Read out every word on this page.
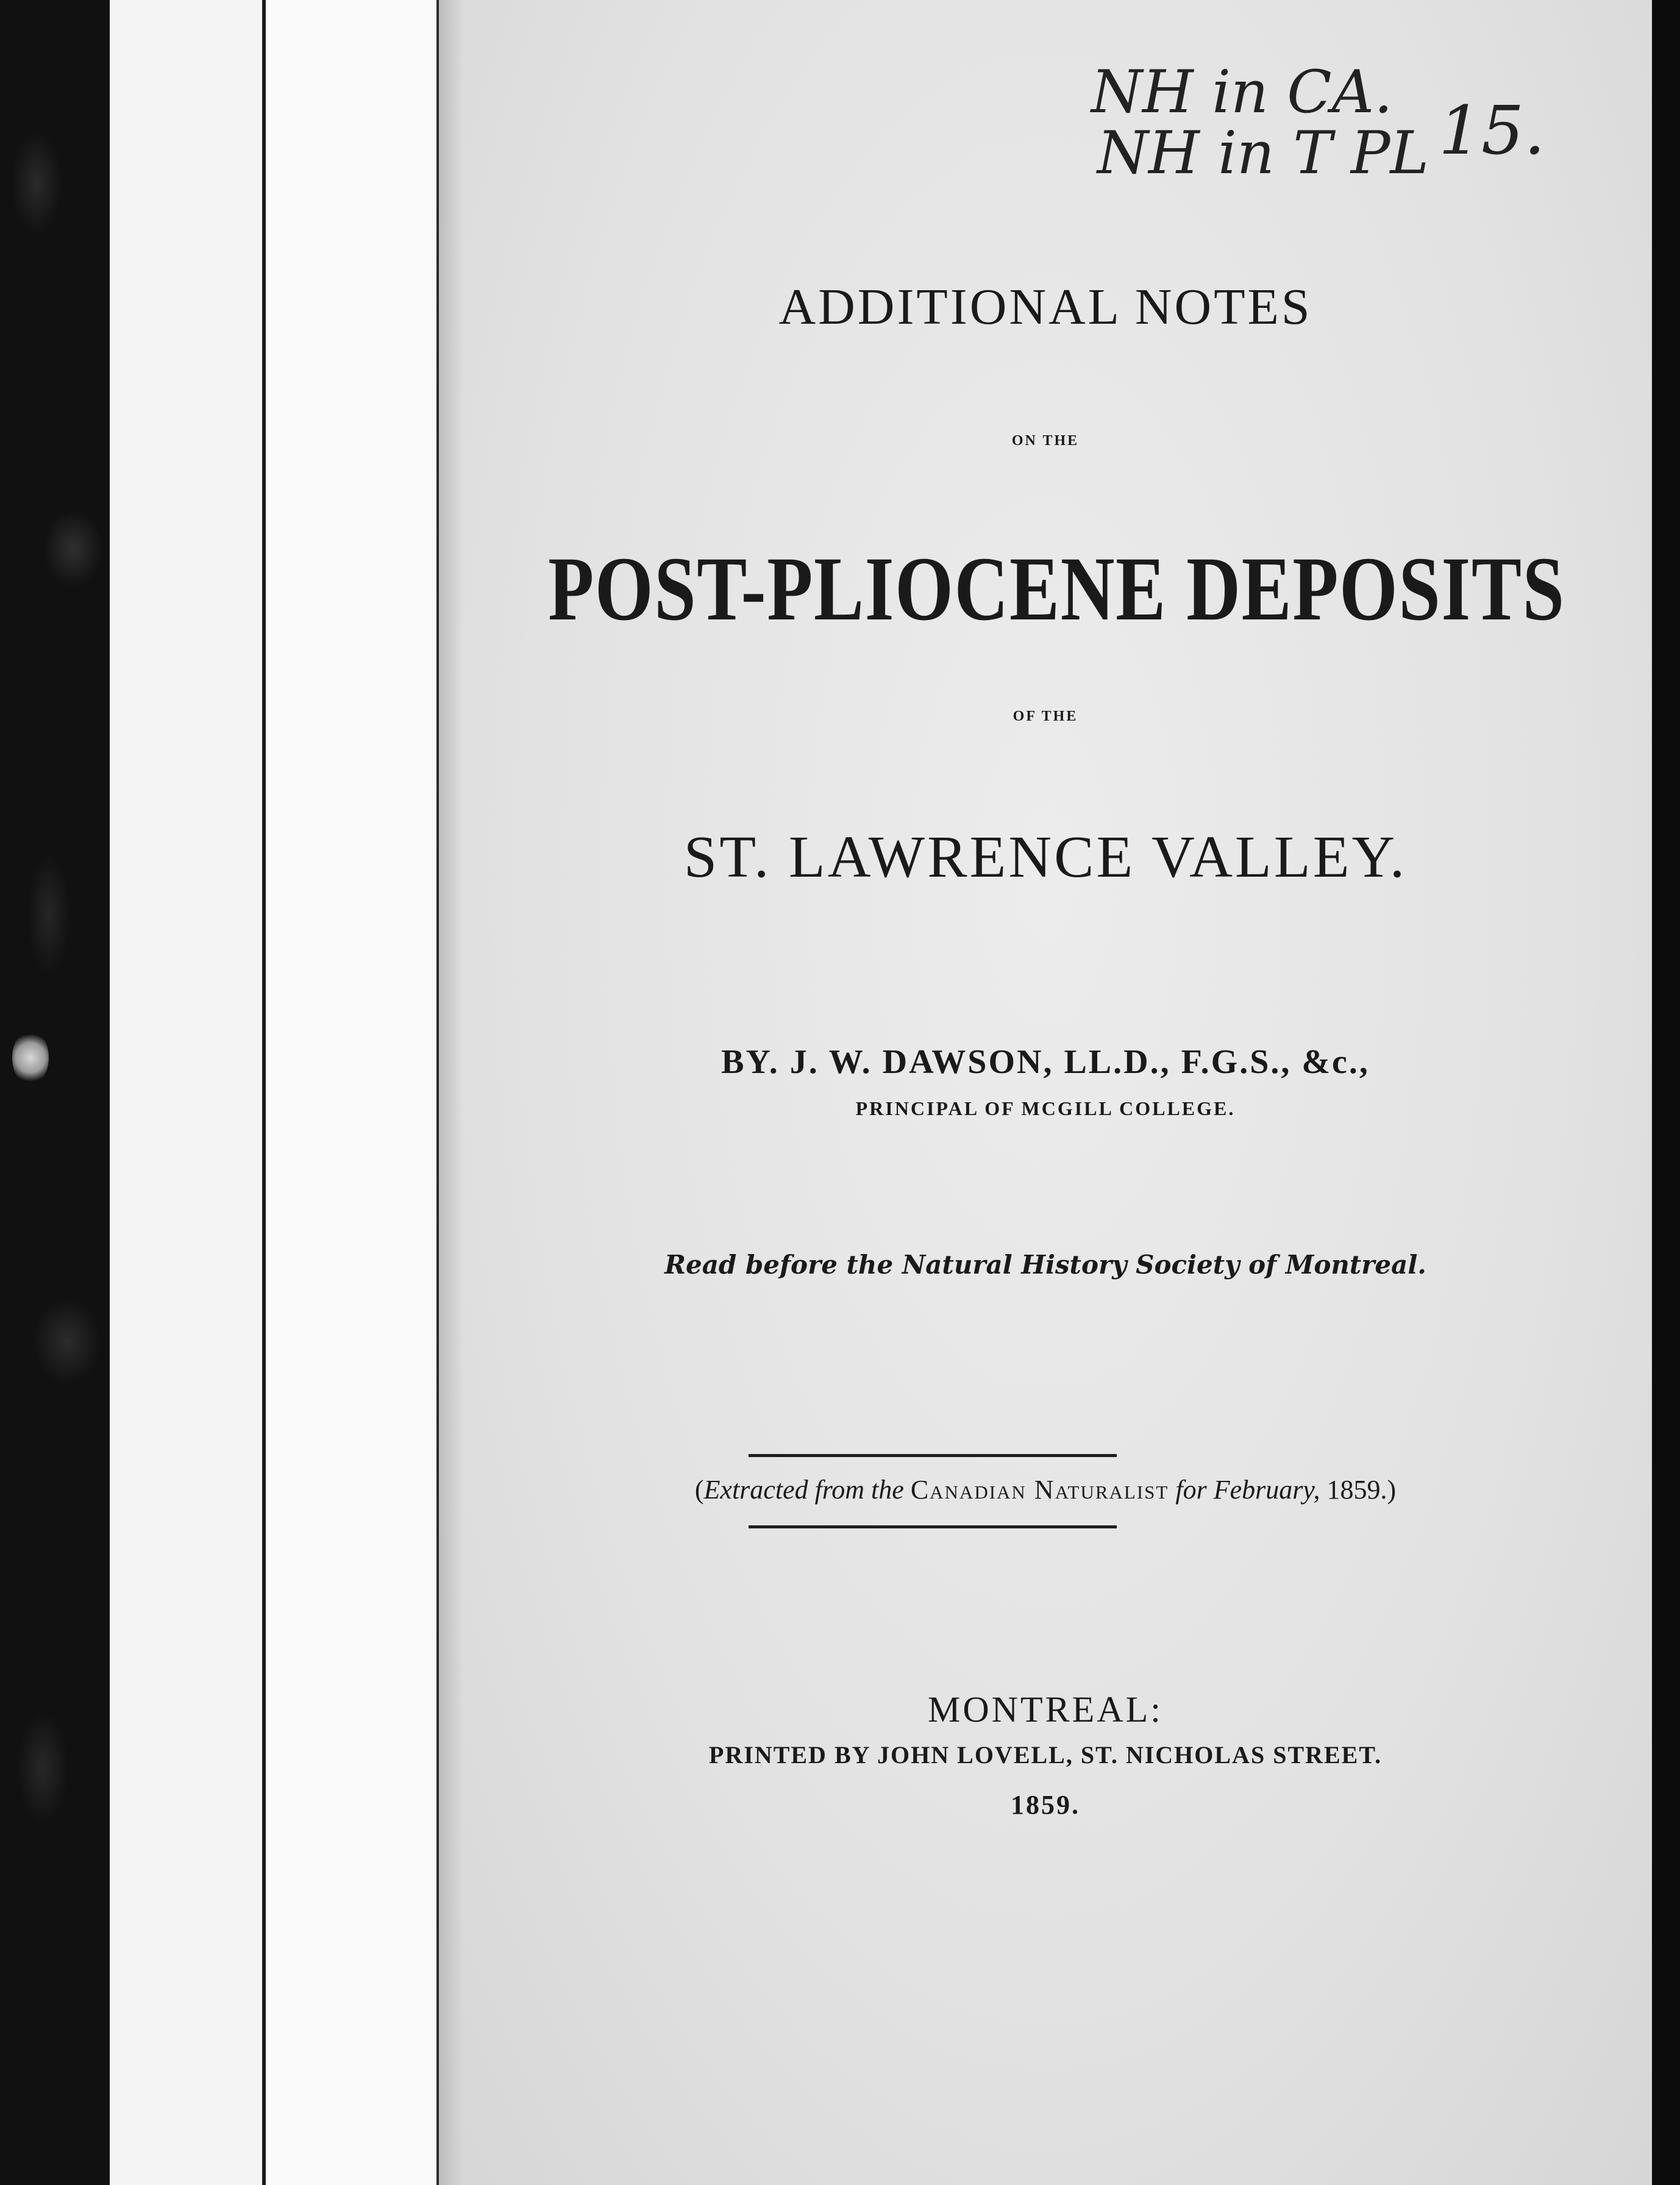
NH in CA.
NH in T PL 15.
ADDITIONAL NOTES
ON THE
POST-PLIOCENE DEPOSITS
OF THE
ST. LAWRENCE VALLEY.
BY. J. W. DAWSON, LL.D., F.G.S., &c.,
PRINCIPAL OF MCGILL COLLEGE.
Read before the Natural History Society of Montreal.
(Extracted from the Canadian Naturalist for February, 1859.)
MONTREAL:
PRINTED BY JOHN LOVELL, ST. NICHOLAS STREET.
1859.
